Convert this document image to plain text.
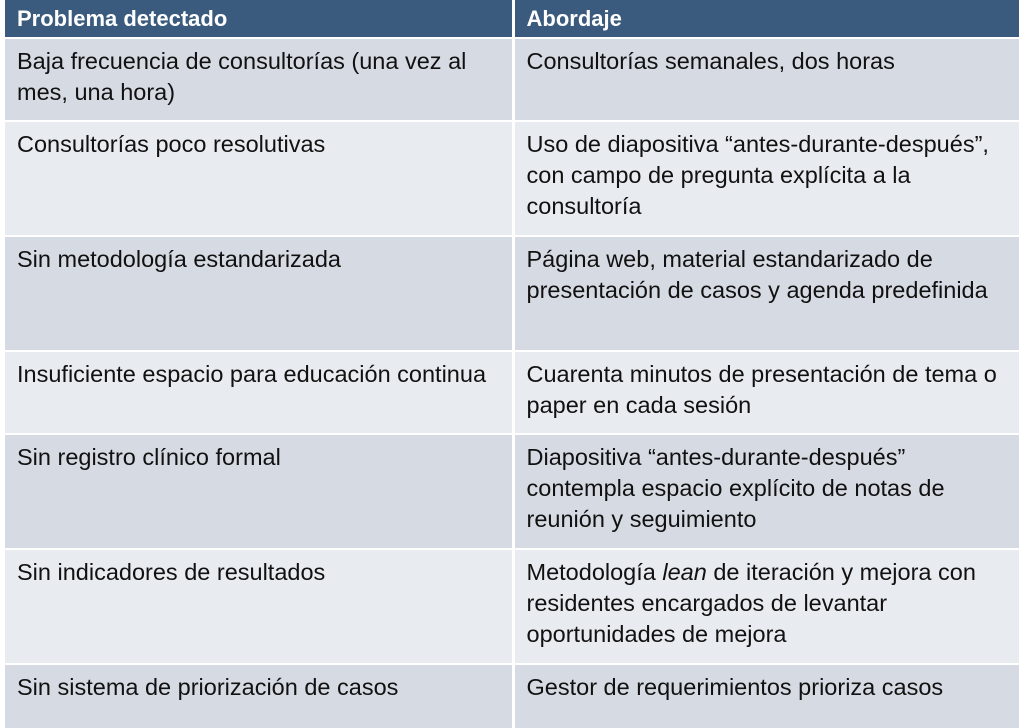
Problema detectado	Abordaje
Baja frecuencia de consultorías (una vez al mes, una hora)	Consultorías semanales, dos horas
Consultorías poco resolutivas	Uso de diapositiva “antes-durante-después”, con campo de pregunta explícita a la consultoría
Sin metodología estandarizada	Página web, material estandarizado de presentación de casos y agenda predefinida
Insuficiente espacio para educación continua	Cuarenta minutos de presentación de tema o paper en cada sesión
Sin registro clínico formal	Diapositiva “antes-durante-después” contempla espacio explícito de notas de reunión y seguimiento
Sin indicadores de resultados	Metodología lean de iteración y mejora con residentes encargados de levantar oportunidades de mejora
Sin sistema de priorización de casos	Gestor de requerimientos prioriza casos
